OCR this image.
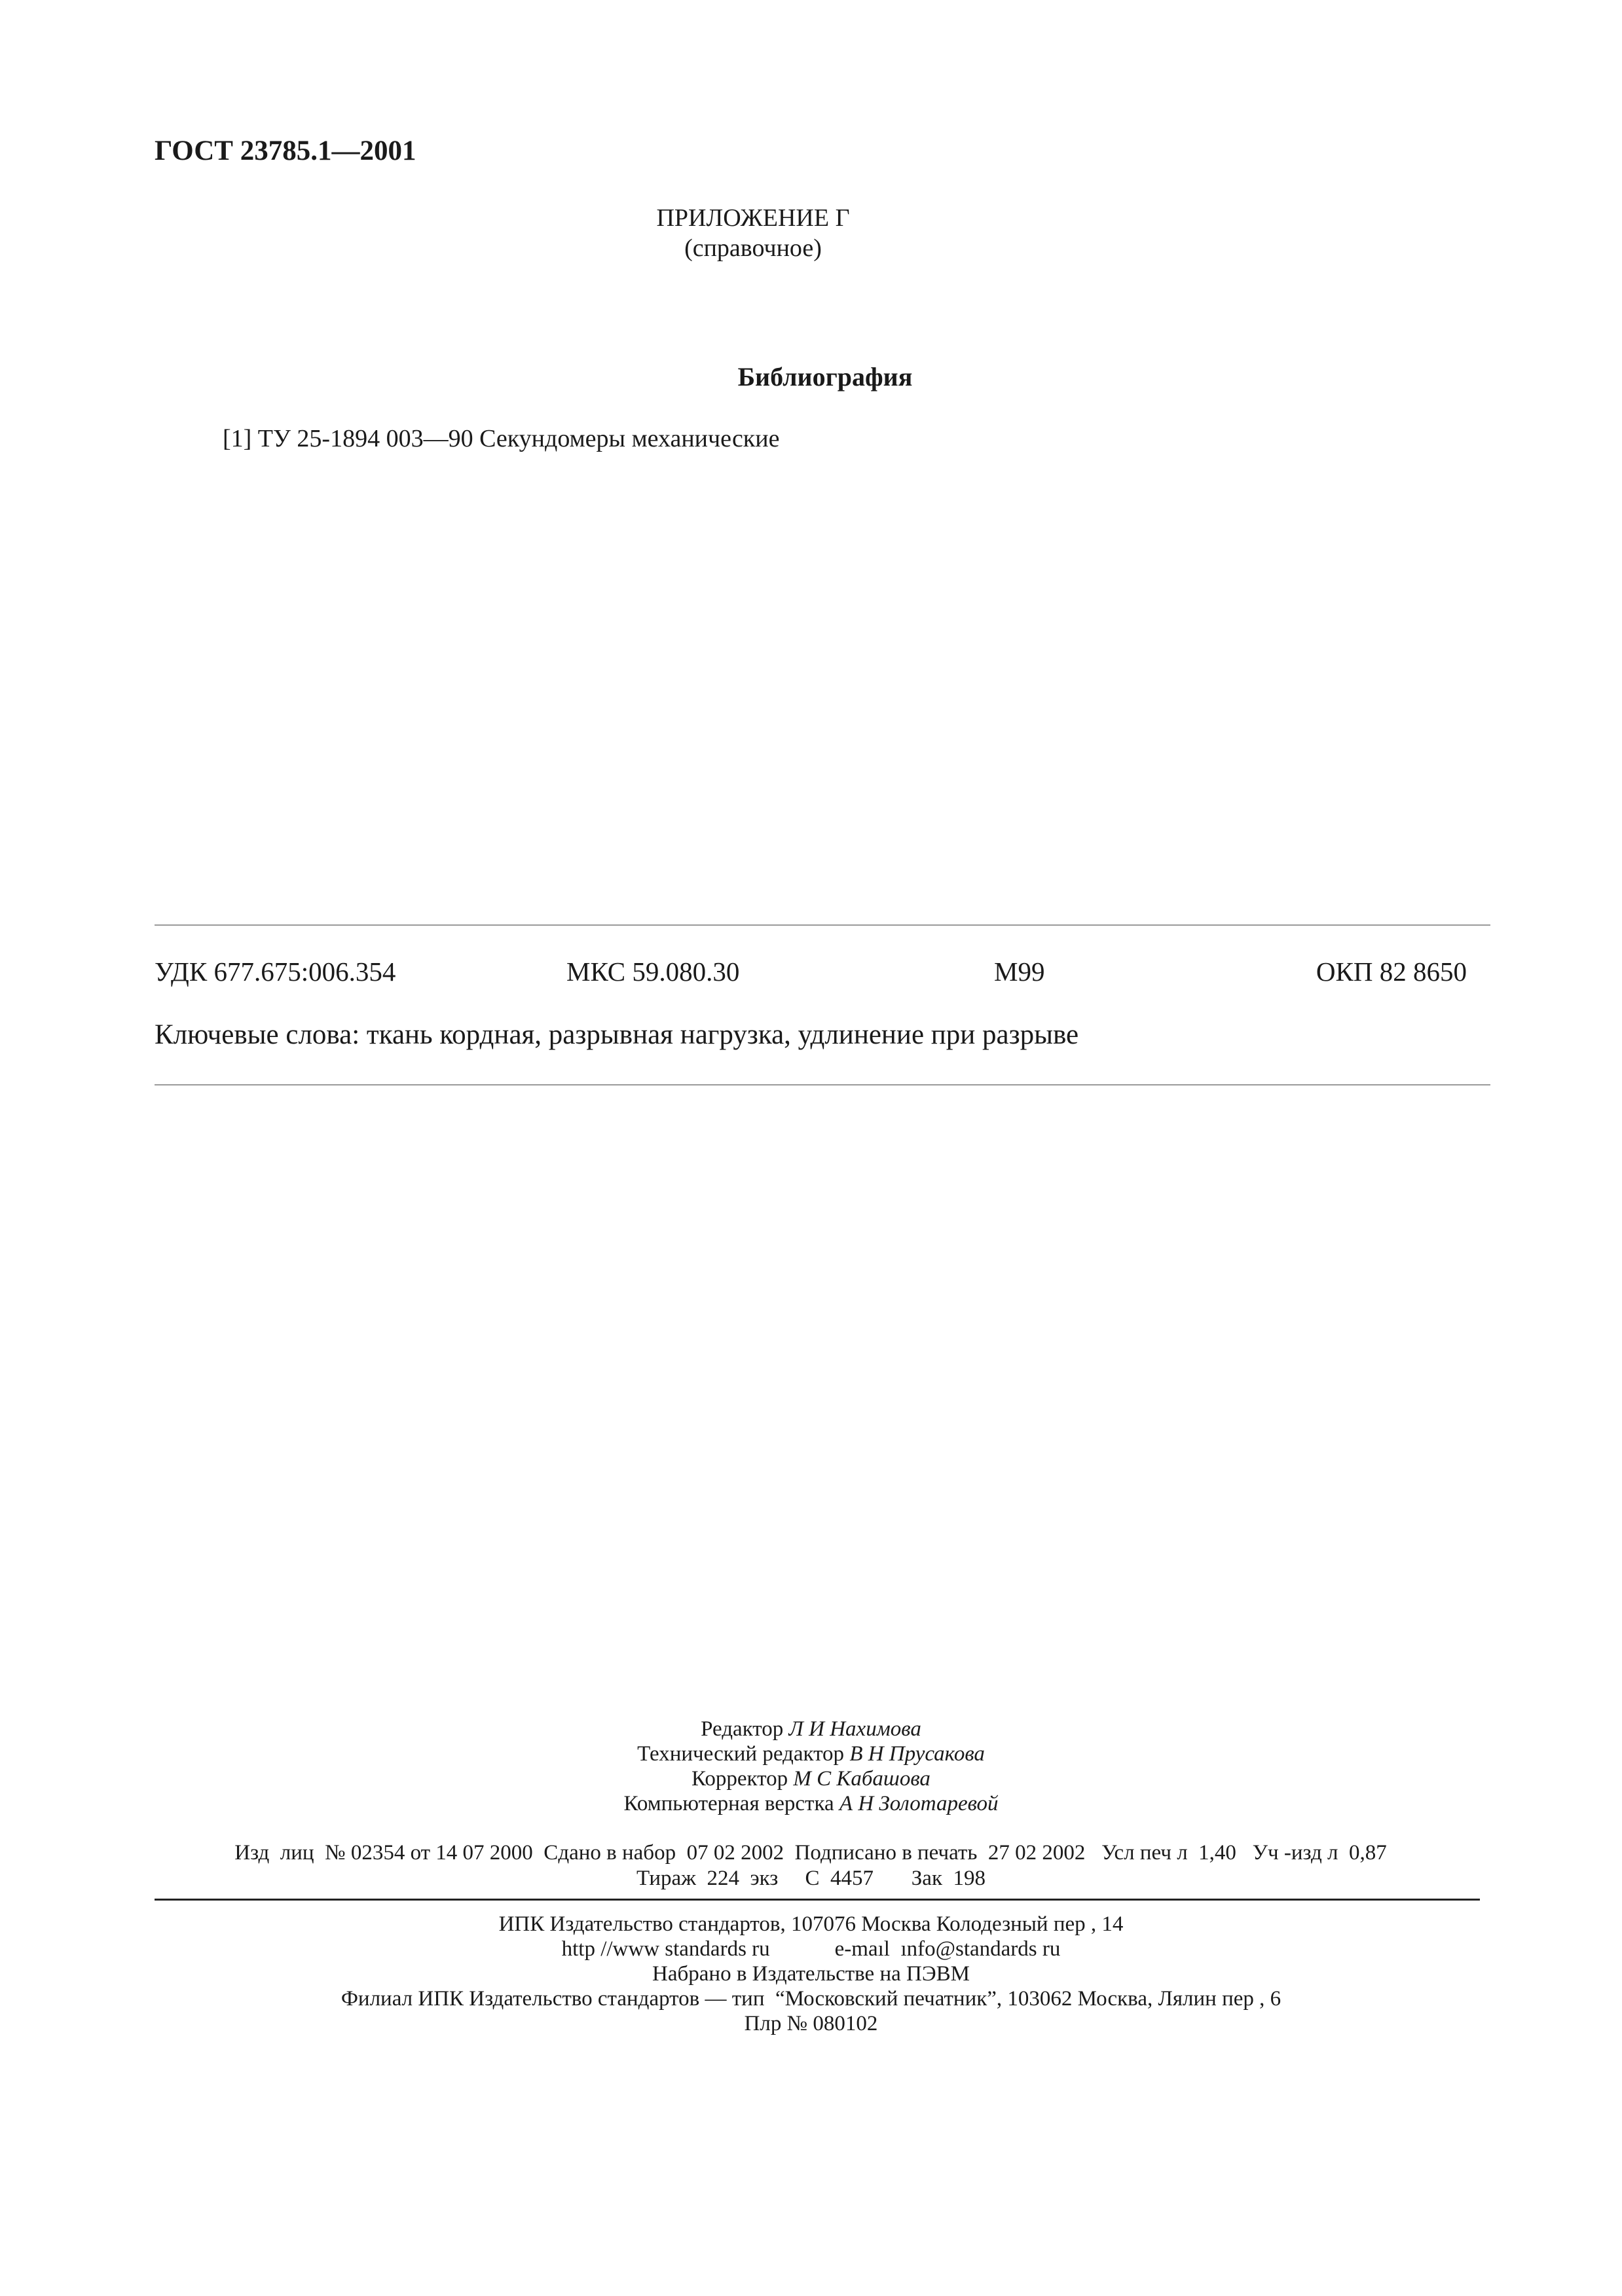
ГОСТ 23785.1—2001
ПРИЛОЖЕНИЕ Г
(справочное)
Библиография
[1] ТУ 25-1894 003—90 Секундомеры механические
УДК 677.675:006.354	МКС 59.080.30	М99	ОКП 82 8650
Ключевые слова: ткань кордная, разрывная нагрузка, удлинение при разрыве
Редактор Л И Нахимова
Технический редактор В Н Прусакова
Корректор М С Кабашова
Компьютерная верстка А Н Золотаревой
Изд  лиц  № 02354 от 14 07 2000  Сдано в набор  07 02 2002  Подписано в печать  27 02 2002   Усл печ л  1,40   Уч -изд л  0,87
Тираж  224  экз     С  4457       Зак  198
ИПК Издательство стандартов, 107076 Москва Колодезный пер , 14
http //www standards ru            e-maıl  ınfo@standards ru
Набрано в Издательстве на ПЭВМ
Филиал ИПК Издательство стандартов — тип  “Московский печатник”, 103062 Москва, Лялин пер , 6
Плр № 080102
